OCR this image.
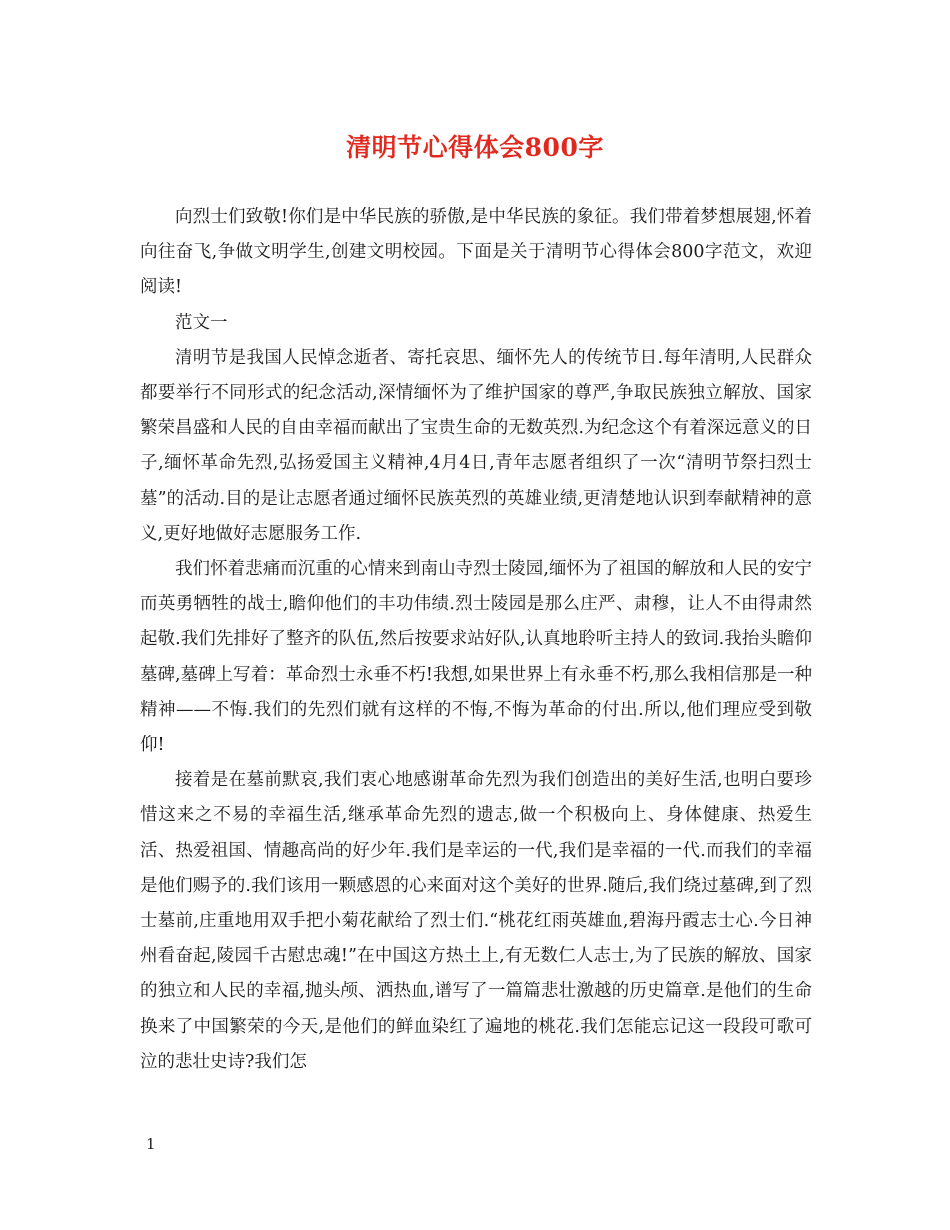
清明节心得体会800字

向烈士们致敬!你们是中华民族的骄傲,是中华民族的象征。我们带着梦想展翅,怀着向往奋飞,争做文明学生,创建文明校园。下面是关于清明节心得体会800字范文，欢迎阅读!

范文一

清明节是我国人民悼念逝者、寄托哀思、缅怀先人的传统节日.每年清明,人民群众都要举行不同形式的纪念活动,深情缅怀为了维护国家的尊严,争取民族独立解放、国家繁荣昌盛和人民的自由幸福而献出了宝贵生命的无数英烈.为纪念这个有着深远意义的日子,缅怀革命先烈,弘扬爱国主义精神,4月4日,青年志愿者组织了一次“清明节祭扫烈士墓”的活动.目的是让志愿者通过缅怀民族英烈的英雄业绩,更清楚地认识到奉献精神的意义,更好地做好志愿服务工作.

我们怀着悲痛而沉重的心情来到南山寺烈士陵园,缅怀为了祖国的解放和人民的安宁而英勇牺牲的战士,瞻仰他们的丰功伟绩.烈士陵园是那么庄严、肃穆，让人不由得肃然起敬.我们先排好了整齐的队伍,然后按要求站好队,认真地聆听主持人的致词.我抬头瞻仰墓碑,墓碑上写着：革命烈士永垂不朽!我想,如果世界上有永垂不朽,那么我相信那是一种精神——不悔.我们的先烈们就有这样的不悔,不悔为革命的付出.所以,他们理应受到敬仰!

接着是在墓前默哀,我们衷心地感谢革命先烈为我们创造出的美好生活,也明白要珍惜这来之不易的幸福生活,继承革命先烈的遗志,做一个积极向上、身体健康、热爱生活、热爱祖国、情趣高尚的好少年.我们是幸运的一代,我们是幸福的一代.而我们的幸福是他们赐予的.我们该用一颗感恩的心来面对这个美好的世界.随后,我们绕过墓碑,到了烈士墓前,庄重地用双手把小菊花献给了烈士们.“桃花红雨英雄血,碧海丹霞志士心.今日神州看奋起,陵园千古慰忠魂!”在中国这方热土上,有无数仁人志士,为了民族的解放、国家的独立和人民的幸福,抛头颅、洒热血,谱写了一篇篇悲壮激越的历史篇章.是他们的生命换来了中国繁荣的今天,是他们的鲜血染红了遍地的桃花.我们怎能忘记这一段段可歌可泣的悲壮史诗?我们怎

1
